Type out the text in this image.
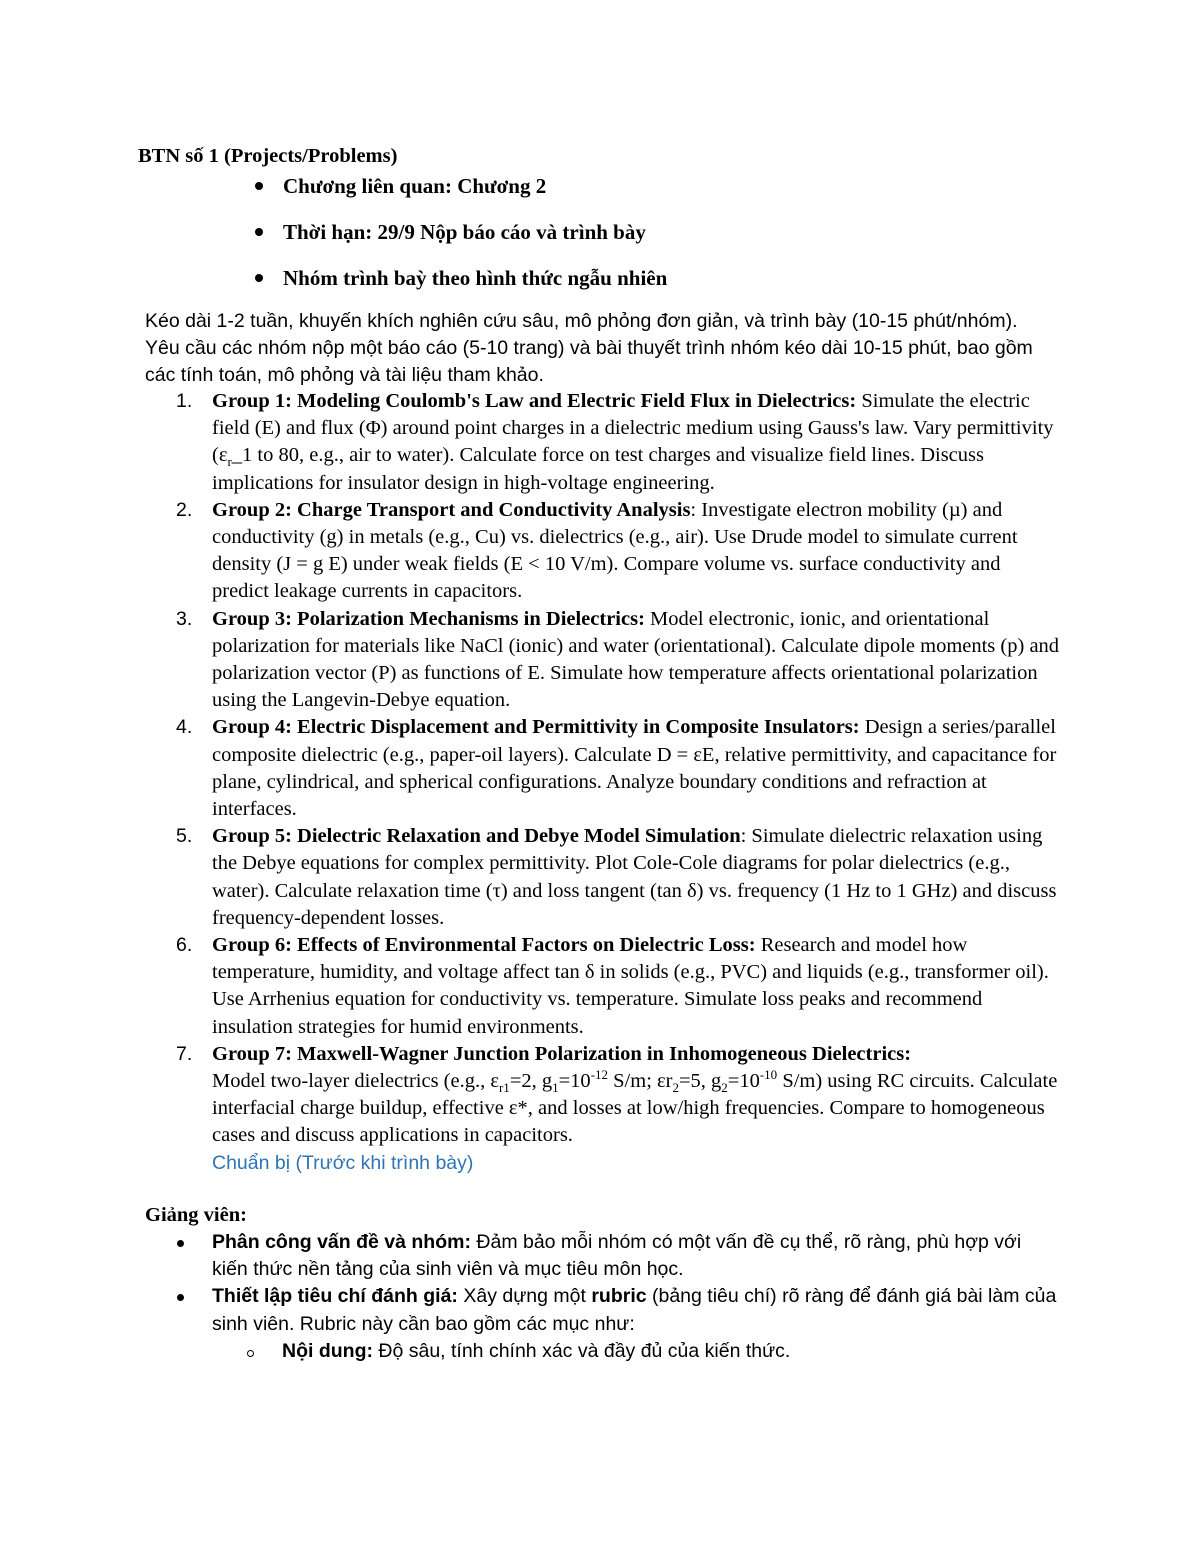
BTN số 1 (Projects/Problems)
Chương liên quan: Chương 2
Thời hạn: 29/9 Nộp báo cáo và trình bày
Nhóm trình baỳ theo hình thức ngẫu nhiên
Kéo dài 1-2 tuần, khuyến khích nghiên cứu sâu, mô phỏng đơn giản, và trình bày (10-15 phút/nhóm). Yêu cầu các nhóm nộp một báo cáo (5-10 trang) và bài thuyết trình nhóm kéo dài 10-15 phút, bao gồm các tính toán, mô phỏng và tài liệu tham khảo.
1. Group 1: Modeling Coulomb's Law and Electric Field Flux in Dielectrics: Simulate the electric field (E) and flux (Φ) around point charges in a dielectric medium using Gauss's law. Vary permittivity ($\varepsilon_r\_1$ to 80, e.g., air to water). Calculate force on test charges and visualize field lines. Discuss implications for insulator design in high-voltage engineering.
2. Group 2: Charge Transport and Conductivity Analysis: Investigate electron mobility (µ) and conductivity (g) in metals (e.g., Cu) vs. dielectrics (e.g., air). Use Drude model to simulate current density (J = g E) under weak fields (E < 10 V/m). Compare volume vs. surface conductivity and predict leakage currents in capacitors.
3. Group 3: Polarization Mechanisms in Dielectrics: Model electronic, ionic, and orientational polarization for materials like NaCl (ionic) and water (orientational). Calculate dipole moments (p) and polarization vector (P) as functions of E. Simulate how temperature affects orientational polarization using the Langevin-Debye equation.
4. Group 4: Electric Displacement and Permittivity in Composite Insulators: Design a series/parallel composite dielectric (e.g., paper-oil layers). Calculate D = εE, relative permittivity, and capacitance for plane, cylindrical, and spherical configurations. Analyze boundary conditions and refraction at interfaces.
5. Group 5: Dielectric Relaxation and Debye Model Simulation: Simulate dielectric relaxation using the Debye equations for complex permittivity. Plot Cole-Cole diagrams for polar dielectrics (e.g., water). Calculate relaxation time (τ) and loss tangent (tan δ) vs. frequency (1 Hz to 1 GHz) and discuss frequency-dependent losses.
6. Group 6: Effects of Environmental Factors on Dielectric Loss: Research and model how temperature, humidity, and voltage affect tan δ in solids (e.g., PVC) and liquids (e.g., transformer oil). Use Arrhenius equation for conductivity vs. temperature. Simulate loss peaks and recommend insulation strategies for humid environments.
7. Group 7: Maxwell-Wagner Junction Polarization in Inhomogeneous Dielectrics:
Model two-layer dielectrics (e.g., $\varepsilon_{r1}=2$, $g_1=10^{-12}$ S/m; $\varepsilon r_2=5$, $g_2=10^{-10}$ S/m) using RC circuits. Calculate interfacial charge buildup, effective ε*, and losses at low/high frequencies. Compare to homogeneous cases and discuss applications in capacitors.
Chuẩn bị (Trước khi trình bày)
Giảng viên:
Phân công vấn đề và nhóm: Đảm bảo mỗi nhóm có một vấn đề cụ thể, rõ ràng, phù hợp với kiến thức nền tảng của sinh viên và mục tiêu môn học.
Thiết lập tiêu chí đánh giá: Xây dựng một rubric (bảng tiêu chí) rõ ràng để đánh giá bài làm của sinh viên. Rubric này cần bao gồm các mục như:
Nội dung: Độ sâu, tính chính xác và đầy đủ của kiến thức.
